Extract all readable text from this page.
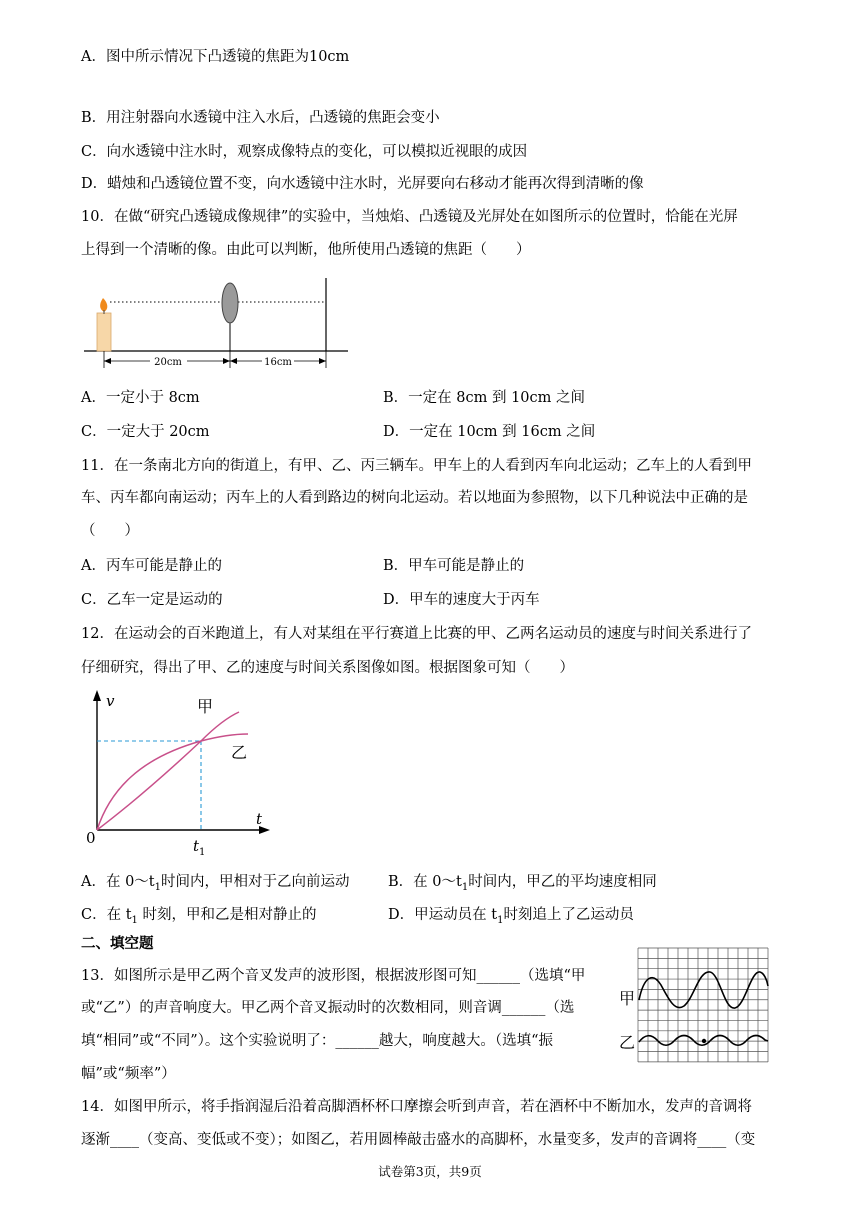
A．图中所示情况下凸透镜的焦距为10cm
B．用注射器向水透镜中注入水后，凸透镜的焦距会变小
C．向水透镜中注水时，观察成像特点的变化，可以模拟近视眼的成因
D．蜡烛和凸透镜位置不变，向水透镜中注水时，光屏要向右移动才能再次得到清晰的像
10．在做“研究凸透镜成像规律”的实验中，当烛焰、凸透镜及光屏处在如图所示的位置时，恰能在光屏
上得到一个清晰的像。由此可以判断，他所使用凸透镜的焦距（　　）
20cm	16cm
A．一定小于 8cm	B．一定在 8cm 到 10cm 之间
C．一定大于 20cm	D．一定在 10cm 到 16cm 之间
11．在一条南北方向的街道上，有甲、乙、丙三辆车。甲车上的人看到丙车向北运动；乙车上的人看到甲
车、丙车都向南运动；丙车上的人看到路边的树向北运动。若以地面为参照物，以下几种说法中正确的是
（　　）
A．丙车可能是静止的	B．甲车可能是静止的
C．乙车一定是运动的	D．甲车的速度大于丙车
12．在运动会的百米跑道上，有人对某组在平行赛道上比赛的甲、乙两名运动员的速度与时间关系进行了
仔细研究，得出了甲、乙的速度与时间关系图像如图。根据图象可知（　　）
v
t
0	$t_1$
甲
乙
A．在 $0\sim t_1$时间内，甲相对于乙向前运动	B．在 $0\sim t_1$时间内，甲乙的平均速度相同
C．在 $t_1$ 时刻，甲和乙是相对静止的	D．甲运动员在 $t_1$时刻追上了乙运动员
二、填空题
13．如图所示是甲乙两个音叉发声的波形图，根据波形图可知______（选填“甲
或“乙”）的声音响度大。甲乙两个音叉振动时的次数相同，则音调______（选
填“相同”或“不同”）。这个实验说明了：______越大，响度越大。（选填“振
幅”或“频率”）
甲
乙
14．如图甲所示，将手指润湿后沿着高脚酒杯杯口摩擦会听到声音，若在酒杯中不断加水，发声的音调将
逐渐____（变高、变低或不变）；如图乙，若用圆棒敲击盛水的高脚杯，水量变多，发声的音调将____（变
试卷第3页，共9页
